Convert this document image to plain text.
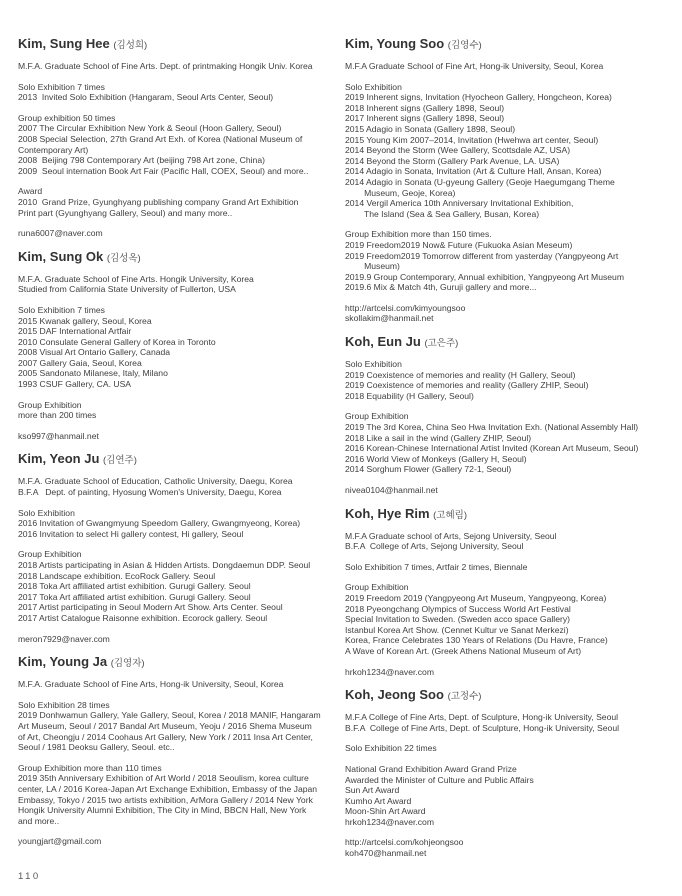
Kim, Sung Hee (김성희)

M.F.A. Graduate School of Fine Arts. Dept. of printmaking Hongik Univ. Korea

Solo Exhibition 7 times
2013  Invited Solo Exhibition (Hangaram, Seoul Arts Center, Seoul)

Group exhibition 50 times
2007 The Circular Exhibition New York & Seoul (Hoon Gallery, Seoul)
2008 Special Selection, 27th Grand Art Exh. of Korea (National Museum of
Contemporary Art)
2008  Beijing 798 Contemporary Art (beijing 798 Art zone, China)
2009  Seoul internation Book Art Fair (Pacific Hall, COEX, Seoul) and more..

Award
2010  Grand Prize, Gyunghyang publishing company Grand Art Exhibition
Print part (Gyunghyang Gallery, Seoul) and many more..

runa6007@naver.com

Kim, Sung Ok (김성옥)

M.F.A. Graduate School of Fine Arts. Hongik University, Korea
Studied from California State University of Fullerton, USA

Solo Exhibition 7 times
2015 Kwanak gallery, Seoul, Korea
2015 DAF International Artfair
2010 Consulate General Gallery of Korea in Toronto
2008 Visual Art Ontario Gallery, Canada
2007 Gallery Gaia, Seoul, Korea
2005 Sandonato Milanese, Italy, Milano
1993 CSUF Gallery, CA. USA

Group Exhibition
more than 200 times

kso997@hanmail.net

Kim, Yeon Ju (김연주)

M.F.A. Graduate School of Education, Catholic University, Daegu, Korea
B.F.A   Dept. of painting, Hyosung Women's University, Daegu, Korea

Solo Exhibition
2016 Invitation of Gwangmyung Speedom Gallery, Gwangmyeong, Korea)
2016 Invitation to select Hi gallery contest, Hi gallery, Seoul

Group Exhibition
2018 Artists participating in Asian & Hidden Artists. Dongdaemun DDP. Seoul
2018 Landscape exhibition. EcoRock Gallery. Seoul
2018 Toka Art affiliated artist exhibition. Gurugi Gallery. Seoul
2017 Toka Art affiliated artist exhibition. Gurugi Gallery. Seoul
2017 Artist participating in Seoul Modern Art Show. Arts Center. Seoul
2017 Artist Catalogue Raisonne exhibition. Ecorock gallery. Seoul

meron7929@naver.com

Kim, Young Ja (김영자)

M.F.A. Graduate School of Fine Arts, Hong-ik University, Seoul, Korea

Solo Exhibition 28 times
2019 Donhwamun Gallery, Yale Gallery, Seoul, Korea / 2018 MANIF, Hangaram
Art Museum, Seoul / 2017 Bandal Art Museum, Yeoju / 2016 Shema Museum
of Art, Cheongju / 2014 Coohaus Art Gallery, New York / 2011 Insa Art Center,
Seoul / 1981 Deoksu Gallery, Seoul. etc..

Group Exhibition more than 110 times
2019 35th Anniversary Exhibition of Art World / 2018 Seoulism, korea culture
center, LA / 2016 Korea-Japan Art Exchange Exhibition, Embassy of the Japan
Embassy, Tokyo / 2015 two artists exhibition, ArMora Gallery / 2014 New York
Hongik University Alumni Exhibition, The City in Mind, BBCN Hall, New York
and more..

youngjart@gmail.com

Kim, Young Soo (김영수)

M.F.A Graduate School of Fine Art, Hong-ik University, Seoul, Korea

Solo Exhibition
2019 Inherent signs, Invitation (Hyocheon Gallery, Hongcheon, Korea)
2018 Inherent signs (Gallery 1898, Seoul)
2017 Inherent signs (Gallery 1898, Seoul)
2015 Adagio in Sonata (Gallery 1898, Seoul)
2015 Young Kim 2007–2014, Invitation (Hwehwa art center, Seoul)
2014 Beyond the Storm (Wee Gallery, Scottsdale AZ, USA)
2014 Beyond the Storm (Gallery Park Avenue, LA. USA)
2014 Adagio in Sonata, Invitation (Art & Culture Hall, Ansan, Korea)
2014 Adagio in Sonata (U-gyeung Gallery (Geoje Haegumgang Theme
Museum, Geoje, Korea)
2014 Vergil America 10th Anniversary Invitational Exhibition,
The Island (Sea & Sea Gallery, Busan, Korea)

Group Exhibition more than 150 times.
2019 Freedom2019 Now& Future (Fukuoka Asian Meseum)
2019 Freedom2019 Tomorrow different from yasterday (Yangpyeong Art
Museum)
2019.9 Group Contemporary, Annual exhibition, Yangpyeong Art Museum
2019.6 Mix & Match 4th, Guruji gallery and more...

http://artcelsi.com/kimyoungsoo
skollakim@hanmail.net

Koh, Eun Ju (고은주)

Solo Exhibition
2019 Coexistence of memories and reality (H Gallery, Seoul)
2019 Coexistence of memories and reality (Gallery ZHIP, Seoul)
2018 Equability (H Gallery, Seoul)

Group Exhibition
2019 The 3rd Korea, China Seo Hwa Invitation Exh. (National Assembly Hall)
2018 Like a sail in the wind (Gallery ZHIP, Seoul)
2016 Korean-Chinese International Artist Invited (Korean Art Museum, Seoul)
2016 World View of Monkeys (Gallery H, Seoul)
2014 Sorghum Flower (Gallery 72-1, Seoul)

nivea0104@hanmail.net

Koh, Hye Rim (고혜림)

M.F.A Graduate school of Arts, Sejong University, Seoul
B.F.A  College of Arts, Sejong University, Seoul

Solo Exhibition 7 times, Artfair 2 times, Biennale

Group Exhibition
2019 Freedom 2019 (Yangpyeong Art Museum, Yangpyeong, Korea)
2018 Pyeongchang Olympics of Success World Art Festival
Special Invitation to Sweden. (Sweden acco space Gallery)
Istanbul Korea Art Show. (Cennet Kultur ve Sanat Merkezi)
Korea, France Celebrates 130 Years of Relations (Du Havre, France)
A Wave of Korean Art. (Greek Athens National Museum of Art)

hrkoh1234@naver.com

Koh, Jeong Soo (고정수)

M.F.A College of Fine Arts, Dept. of Sculpture, Hong-ik University, Seoul
B.F.A  College of Fine Arts, Dept. of Sculpture, Hong-ik University, Seoul

Solo Exhibition 22 times

National Grand Exhibition Award Grand Prize
Awarded the Minister of Culture and Public Affairs
Sun Art Award
Kumho Art Award
Moon-Shin Art Award
hrkoh1234@naver.com

http://artcelsi.com/kohjeongsoo
koh470@hanmail.net

110
